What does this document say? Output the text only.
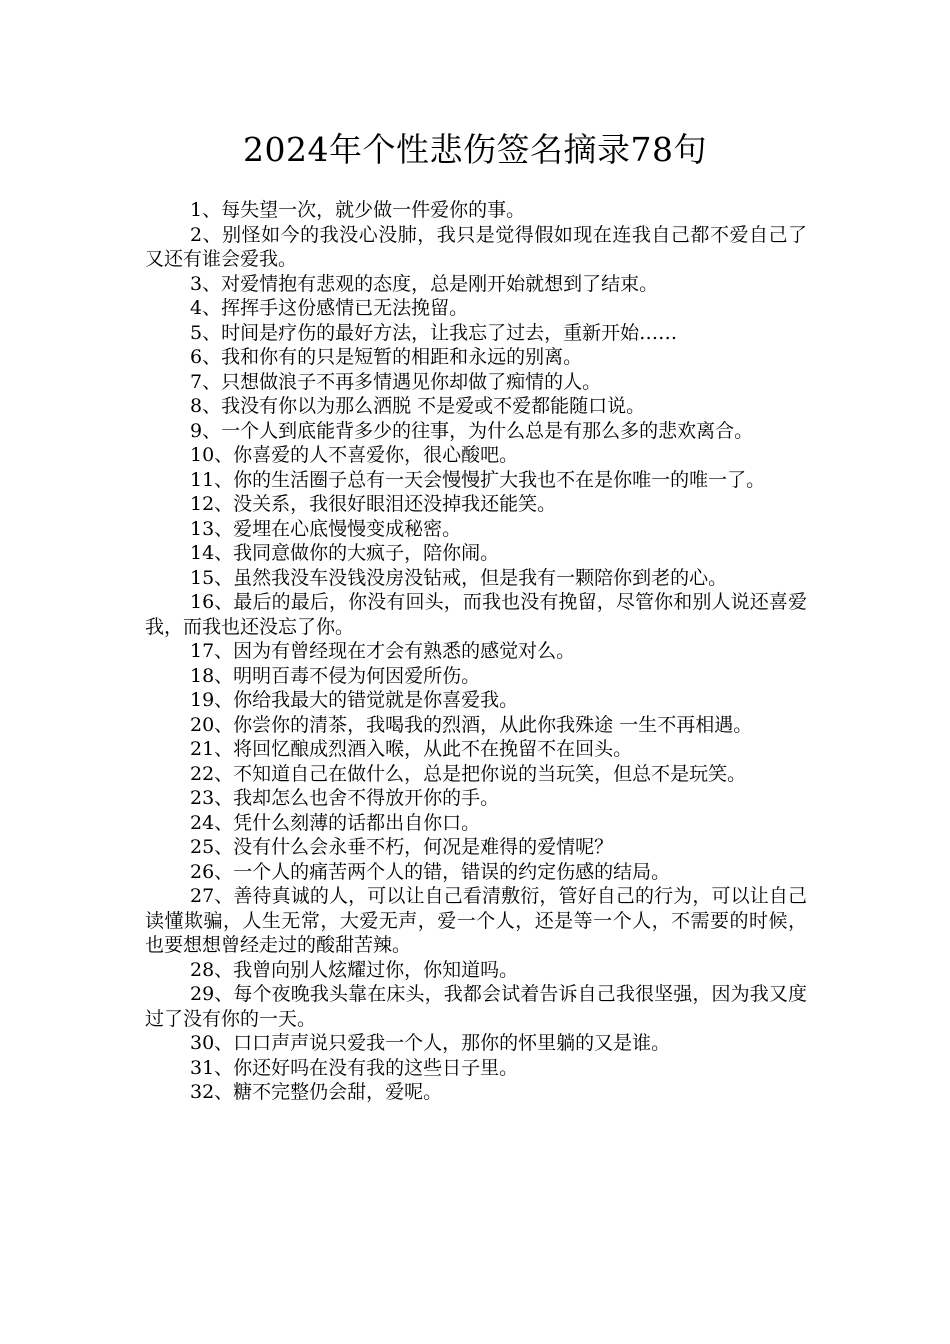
2024年个性悲伤签名摘录78句
1、每失望一次，就少做一件爱你的事。
2、别怪如今的我没心没肺，我只是觉得假如现在连我自己都不爱自己了又还有谁会爱我。
3、对爱情抱有悲观的态度，总是刚开始就想到了结束。
4、挥挥手这份感情已无法挽留。
5、时间是疗伤的最好方法，让我忘了过去，重新开始……
6、我和你有的只是短暂的相距和永远的别离。
7、只想做浪子不再多情遇见你却做了痴情的人。
8、我没有你以为那么洒脱 不是爱或不爱都能随口说。
9、一个人到底能背多少的往事，为什么总是有那么多的悲欢离合。
10、你喜爱的人不喜爱你，很心酸吧。
11、你的生活圈子总有一天会慢慢扩大我也不在是你唯一的唯一了。
12、没关系，我很好眼泪还没掉我还能笑。
13、爱埋在心底慢慢变成秘密。
14、我同意做你的大疯子，陪你闹。
15、虽然我没车没钱没房没钻戒，但是我有一颗陪你到老的心。
16、最后的最后，你没有回头，而我也没有挽留，尽管你和别人说还喜爱我，而我也还没忘了你。
17、因为有曾经现在才会有熟悉的感觉对么。
18、明明百毒不侵为何因爱所伤。
19、你给我最大的错觉就是你喜爱我。
20、你尝你的清茶，我喝我的烈酒，从此你我殊途 一生不再相遇。
21、将回忆酿成烈酒入喉，从此不在挽留不在回头。
22、不知道自己在做什么，总是把你说的当玩笑，但总不是玩笑。
23、我却怎么也舍不得放开你的手。
24、凭什么刻薄的话都出自你口。
25、没有什么会永垂不朽，何况是难得的爱情呢？
26、一个人的痛苦两个人的错，错误的约定伤感的结局。
27、善待真诚的人，可以让自己看清敷衍，管好自己的行为，可以让自己读懂欺骗，人生无常，大爱无声，爱一个人，还是等一个人，不需要的时候，也要想想曾经走过的酸甜苦辣。
28、我曾向别人炫耀过你，你知道吗。
29、每个夜晚我头靠在床头，我都会试着告诉自己我很坚强，因为我又度过了没有你的一天。
30、口口声声说只爱我一个人，那你的怀里躺的又是谁。
31、你还好吗在没有我的这些日子里。
32、糖不完整仍会甜，爱呢。
